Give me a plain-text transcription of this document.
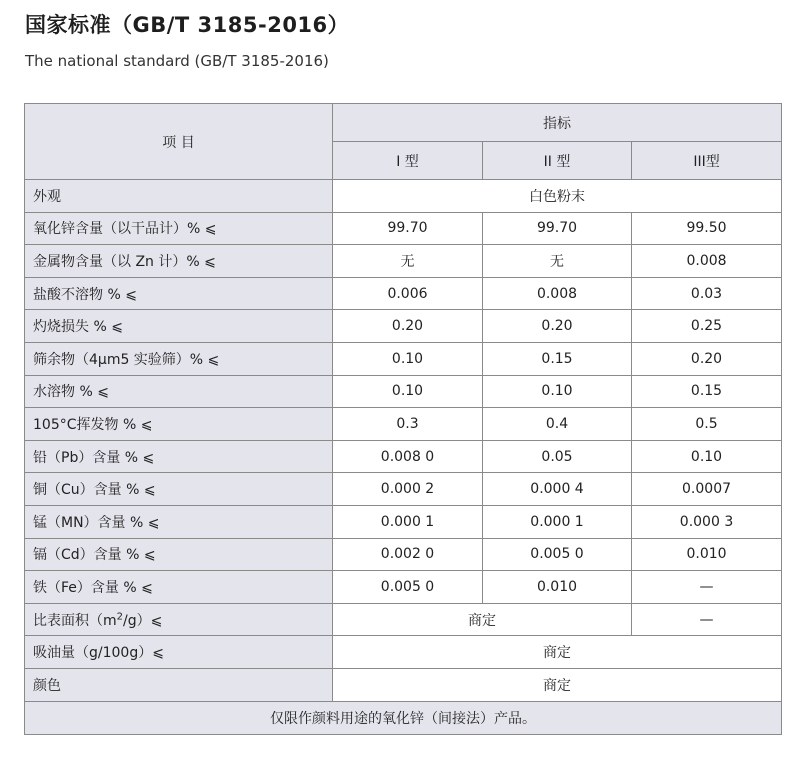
国家标准（GB/T 3185-2016）

The national standard (GB/T 3185-2016)

项 目	指标		
	I 型	II 型	III型
外观	白色粉末		
氧化锌含量（以干品计）% ⩽	99.70	99.70	99.50
金属物含量（以 Zn 计）% ⩽	无	无	0.008
盐酸不溶物 % ⩽	0.006	0.008	0.03
灼烧损失 % ⩽	0.20	0.20	0.25
筛余物（4μm5 实验筛）% ⩽	0.10	0.15	0.20
水溶物 % ⩽	0.10	0.10	0.15
105°C挥发物 % ⩽	0.3	0.4	0.5
铅（Pb）含量 % ⩽	0.008 0	0.05	0.10
铜（Cu）含量 % ⩽	0.000 2	0.000 4	0.0007
锰（MN）含量 % ⩽	0.000 1	0.000 1	0.000 3
镉（Cd）含量 % ⩽	0.002 0	0.005 0	0.010
铁（Fe）含量 % ⩽	0.005 0	0.010	—
比表面积$(m^2/g)⩽$	商定		—
吸油量（g/100g）⩽	商定		
颜色	商定		
仅限作颜料用途的氧化锌（间接法）产品。			
